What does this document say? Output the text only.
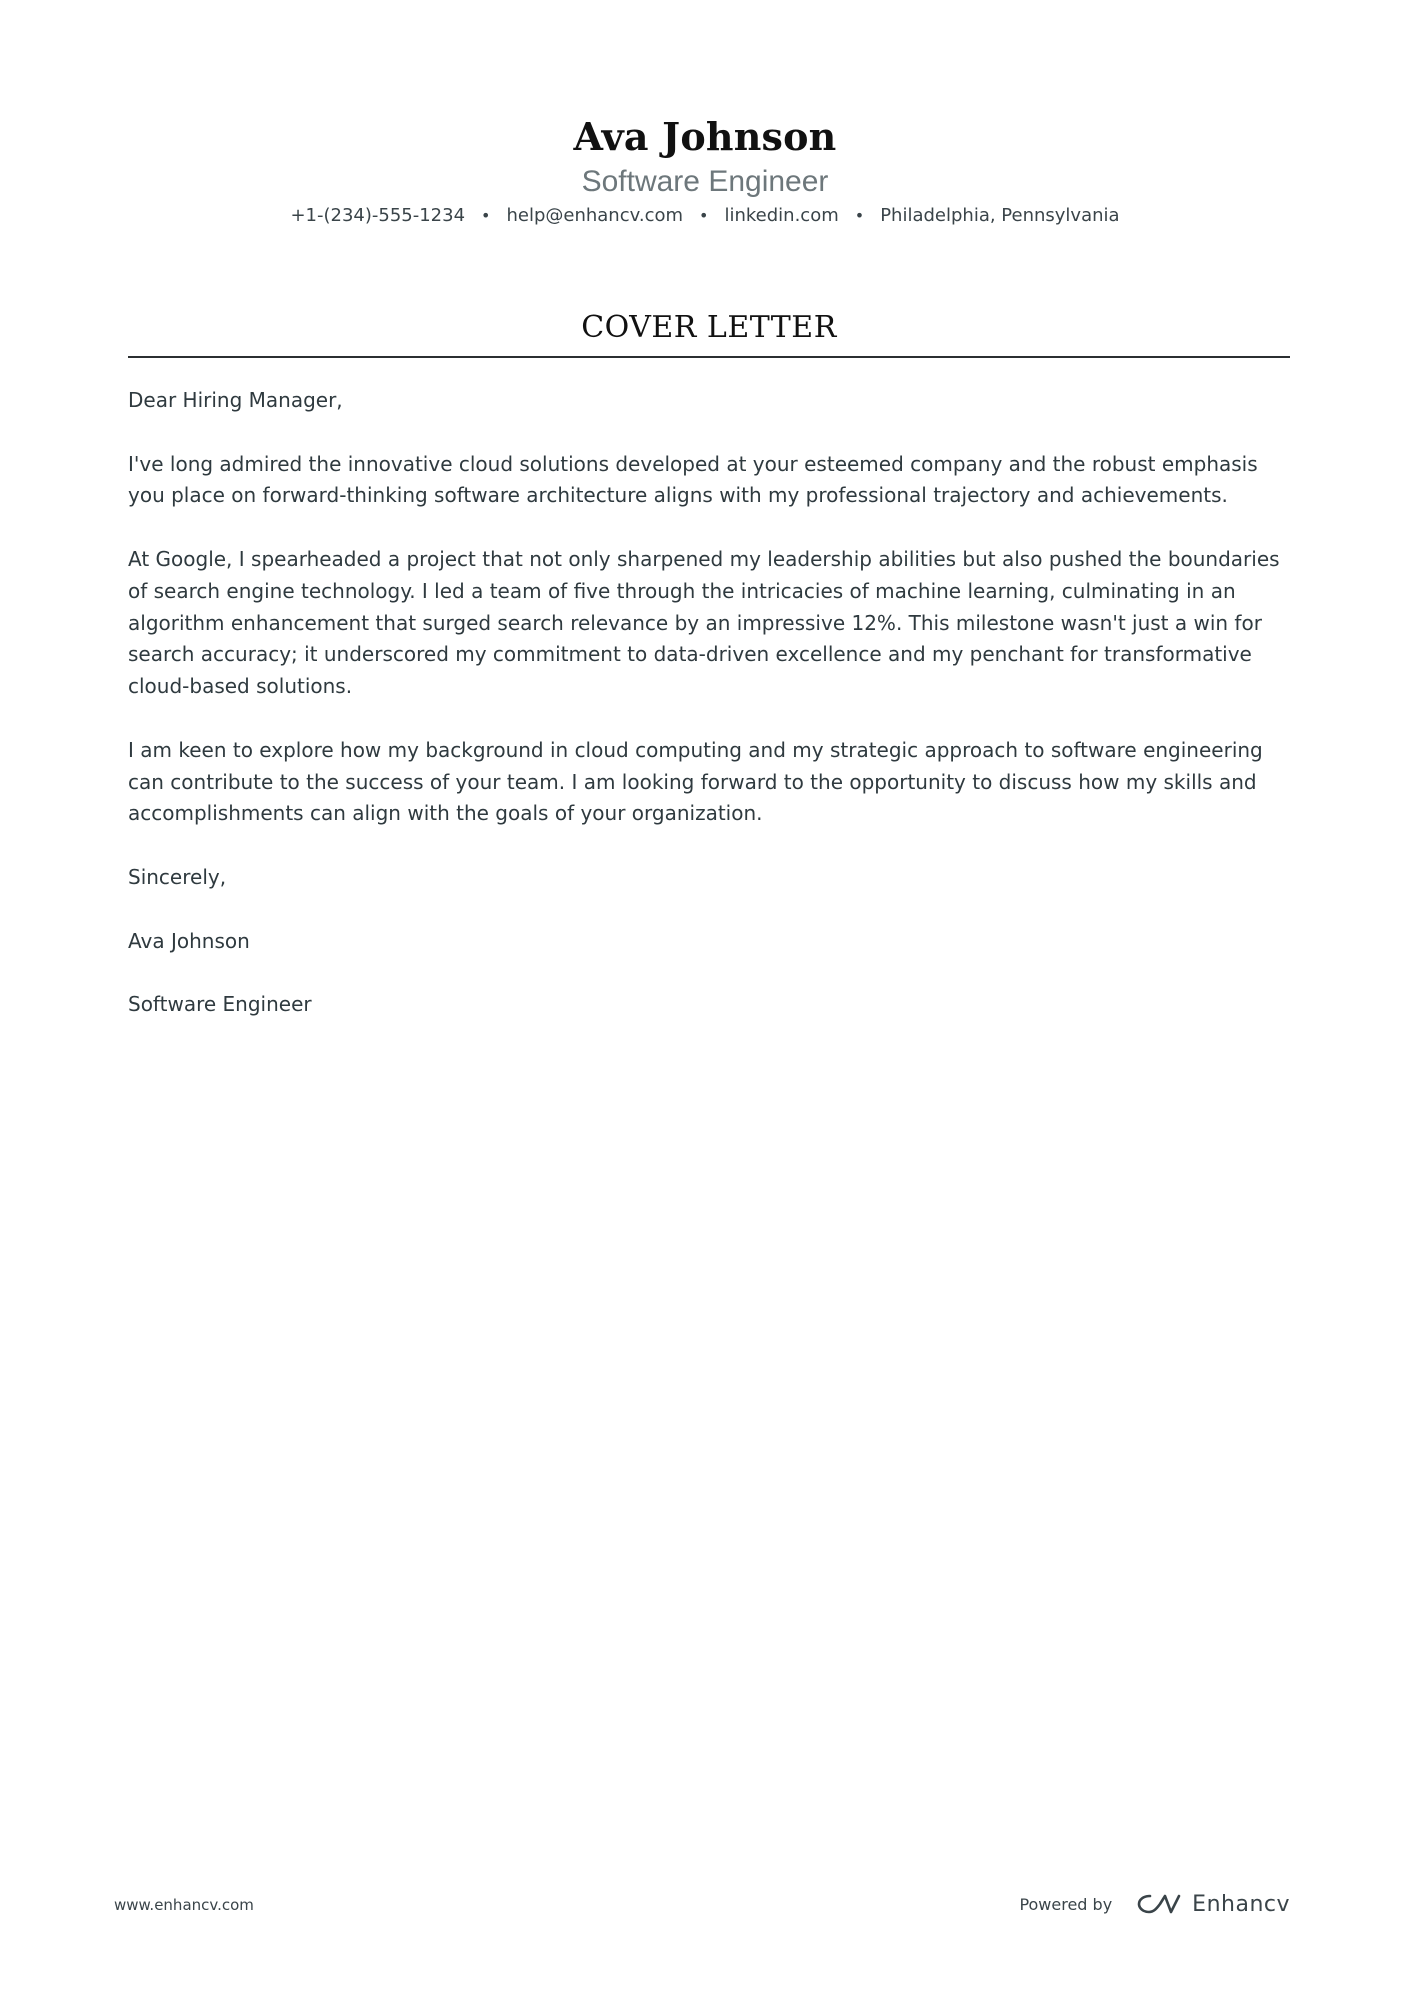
Ava Johnson
Software Engineer
+1-(234)-555-1234 • help@enhancv.com • linkedin.com • Philadelphia, Pennsylvania
COVER LETTER

Dear Hiring Manager,

I've long admired the innovative cloud solutions developed at your esteemed company and the robust emphasis you place on forward-thinking software architecture aligns with my professional trajectory and achievements.

At Google, I spearheaded a project that not only sharpened my leadership abilities but also pushed the boundaries of search engine technology. I led a team of five through the intricacies of machine learning, culminating in an algorithm enhancement that surged search relevance by an impressive 12%. This milestone wasn't just a win for search accuracy; it underscored my commitment to data-driven excellence and my penchant for transformative cloud-based solutions.

I am keen to explore how my background in cloud computing and my strategic approach to software engineering can contribute to the success of your team. I am looking forward to the opportunity to discuss how my skills and accomplishments can align with the goals of your organization.

Sincerely,

Ava Johnson

Software Engineer

www.enhancv.com	Powered by	Enhancv
